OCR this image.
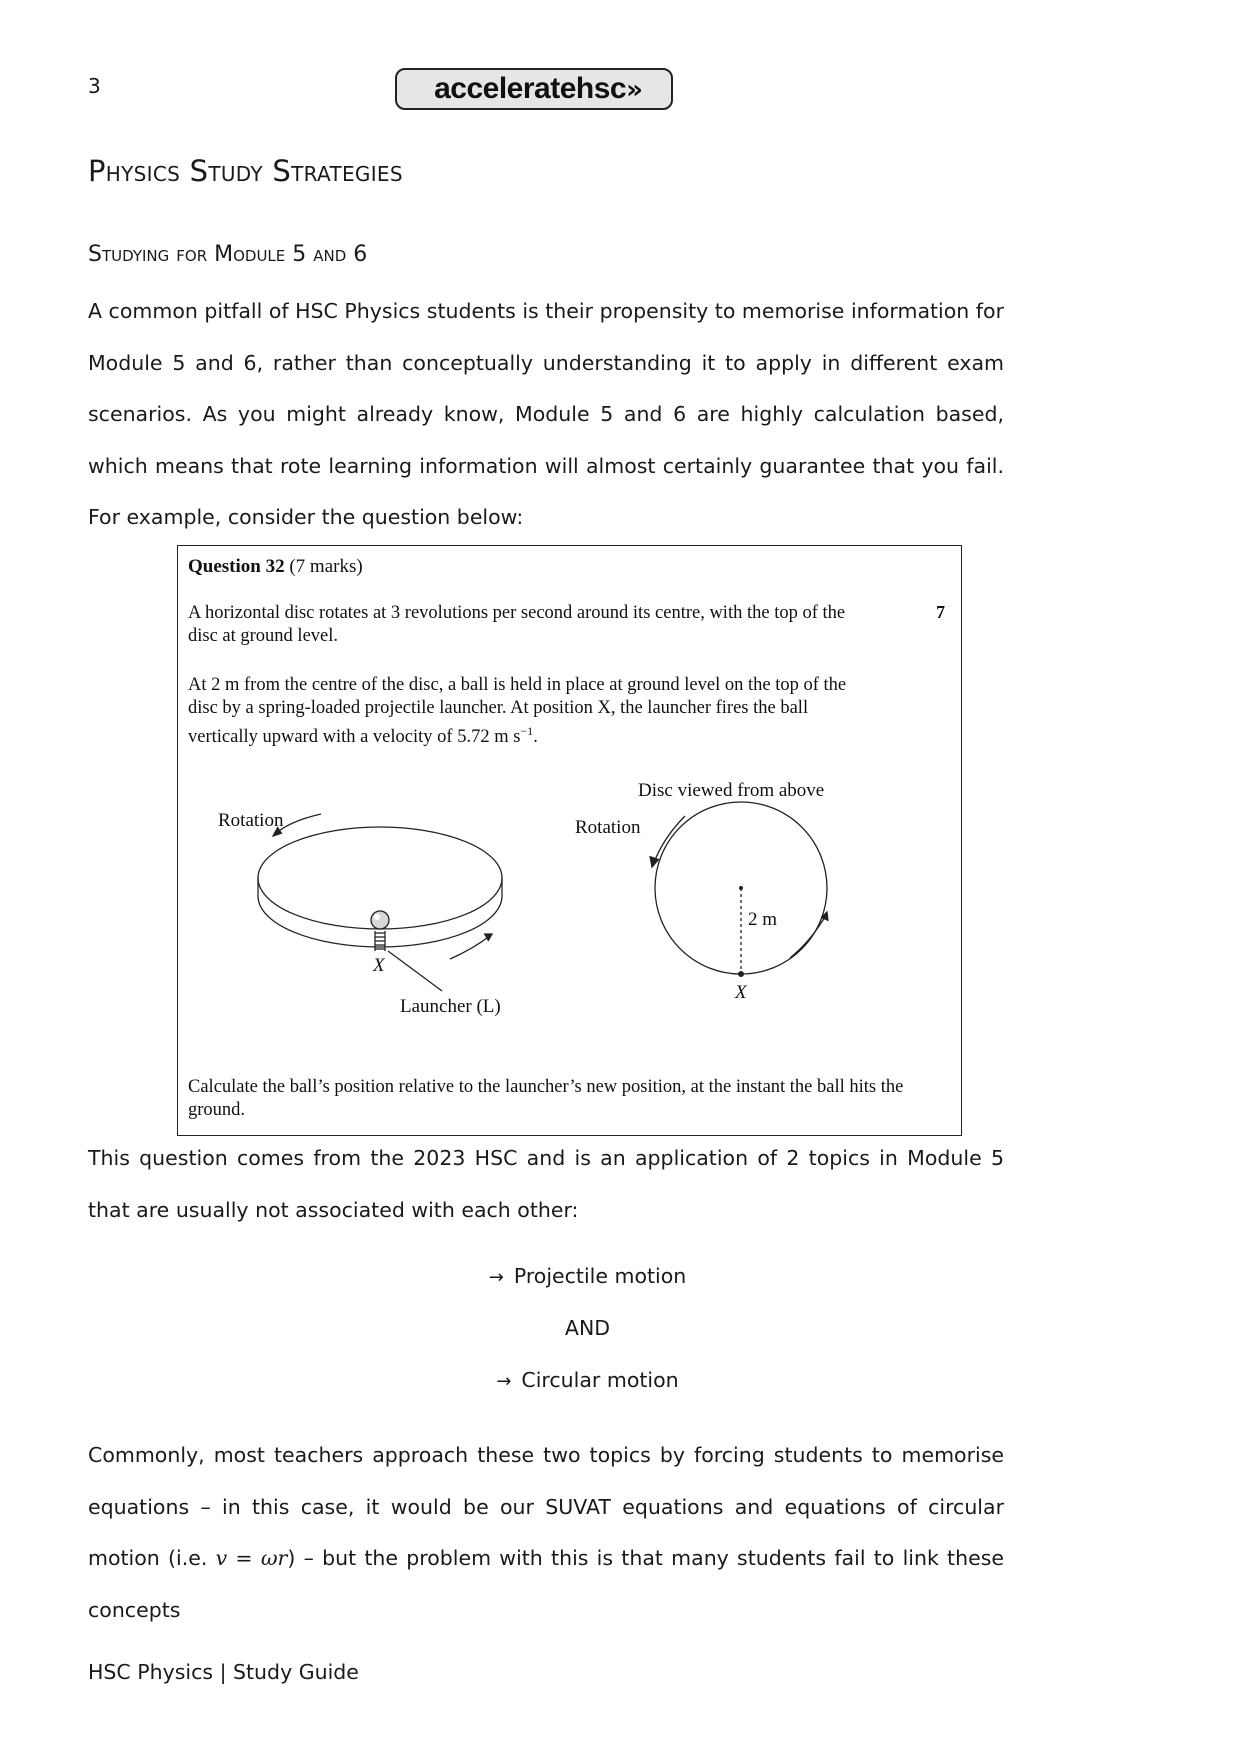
3	acceleratehsc»
Physics Study Strategies
Studying for Module 5 and 6

A common pitfall of HSC Physics students is their propensity to memorise information for Module 5 and 6, rather than conceptually understanding it to apply in different exam scenarios. As you might already know, Module 5 and 6 are highly calculation based, which means that rote learning information will almost certainly guarantee that you fail. For example, consider the question below:

Question 32 (7 marks)
7

A horizontal disc rotates at 3 revolutions per second around its centre, with the top of the disc at ground level.

At 2 m from the centre of the disc, a ball is held in place at ground level on the top of the disc by a spring-loaded projectile launcher. At position X, the launcher fires the ball vertically upward with a velocity of 5.72 m $s^{-1}$.

Rotation
X
Launcher (L)
Disc viewed from above
Rotation
2 m
X

Calculate the ball’s position relative to the launcher’s new position, at the instant the ball hits the ground.

This question comes from the 2023 HSC and is an application of 2 topics in Module 5 that are usually not associated with each other:

→ Projectile motion
AND
→ Circular motion

Commonly, most teachers approach these two topics by forcing students to memorise equations – in this case, it would be our SUVAT equations and equations of circular motion (i.e. v = ωr) – but the problem with this is that many students fail to link these concepts

HSC Physics | Study Guide
